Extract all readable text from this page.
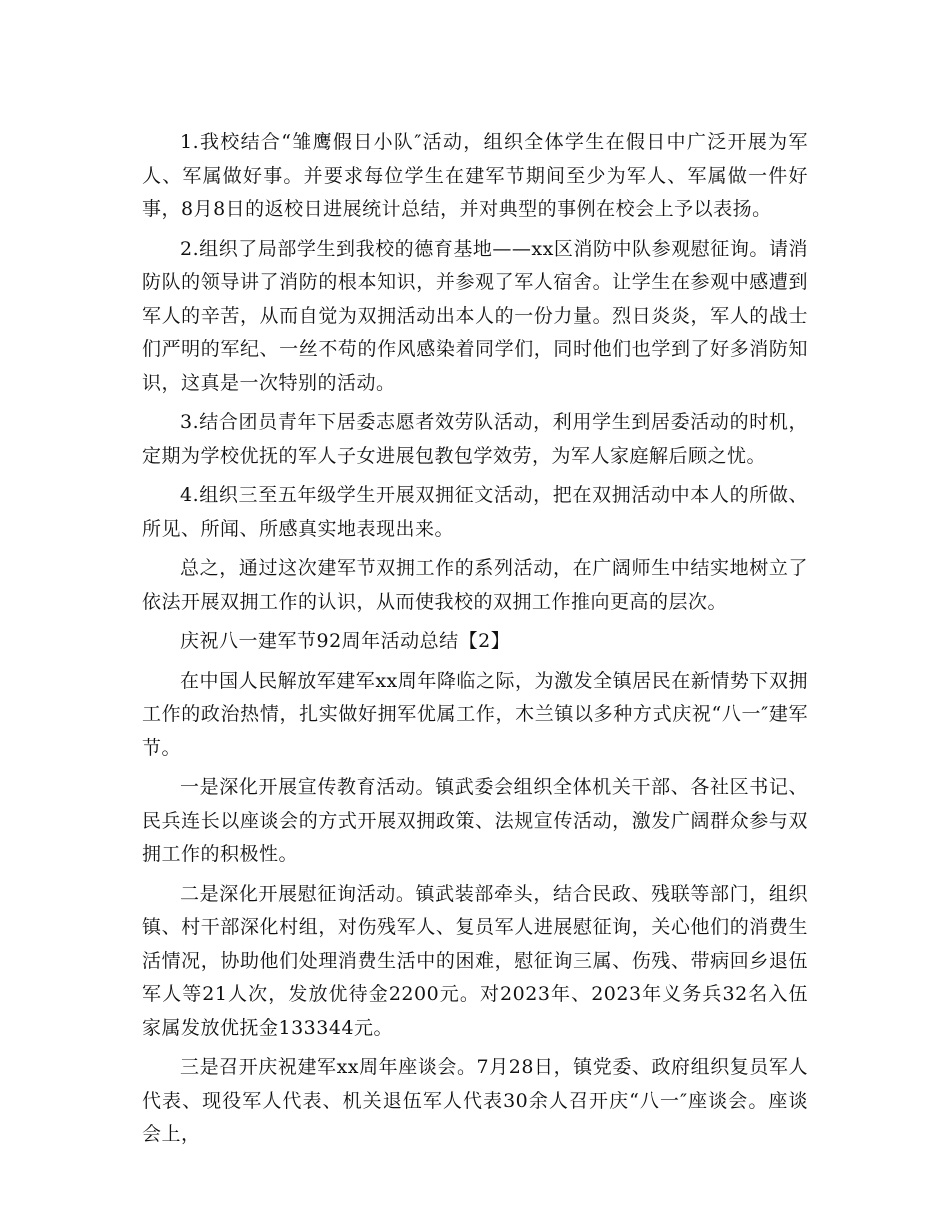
1.我校结合“雏鹰假日小队″活动，组织全体学生在假日中广泛开展为军人、军属做好事。并要求每位学生在建军节期间至少为军人、军属做一件好事，8月8日的返校日进展统计总结，并对典型的事例在校会上予以表扬。

2.组织了局部学生到我校的德育基地——xx区消防中队参观慰征询。请消防队的领导讲了消防的根本知识，并参观了军人宿舍。让学生在参观中感遭到军人的辛苦，从而自觉为双拥活动出本人的一份力量。烈日炎炎，军人的战士们严明的军纪、一丝不苟的作风感染着同学们，同时他们也学到了好多消防知识，这真是一次特别的活动。

3.结合团员青年下居委志愿者效劳队活动，利用学生到居委活动的时机，定期为学校优抚的军人子女进展包教包学效劳，为军人家庭解后顾之忧。

4.组织三至五年级学生开展双拥征文活动，把在双拥活动中本人的所做、所见、所闻、所感真实地表现出来。

总之，通过这次建军节双拥工作的系列活动，在广阔师生中结实地树立了依法开展双拥工作的认识，从而使我校的双拥工作推向更高的层次。

庆祝八一建军节92周年活动总结【2】

在中国人民解放军建军xx周年降临之际，为激发全镇居民在新情势下双拥工作的政治热情，扎实做好拥军优属工作，木兰镇以多种方式庆祝“八一″建军节。

一是深化开展宣传教育活动。镇武委会组织全体机关干部、各社区书记、民兵连长以座谈会的方式开展双拥政策、法规宣传活动，激发广阔群众参与双拥工作的积极性。

二是深化开展慰征询活动。镇武装部牵头，结合民政、残联等部门，组织镇、村干部深化村组，对伤残军人、复员军人进展慰征询，关心他们的消费生活情况，协助他们处理消费生活中的困难，慰征询三属、伤残、带病回乡退伍军人等21人次，发放优待金2200元。对2023年、2023年义务兵32名入伍家属发放优抚金133344元。

三是召开庆祝建军xx周年座谈会。7月28日，镇党委、政府组织复员军人代表、现役军人代表、机关退伍军人代表30余人召开庆“八一″座谈会。座谈会上，
